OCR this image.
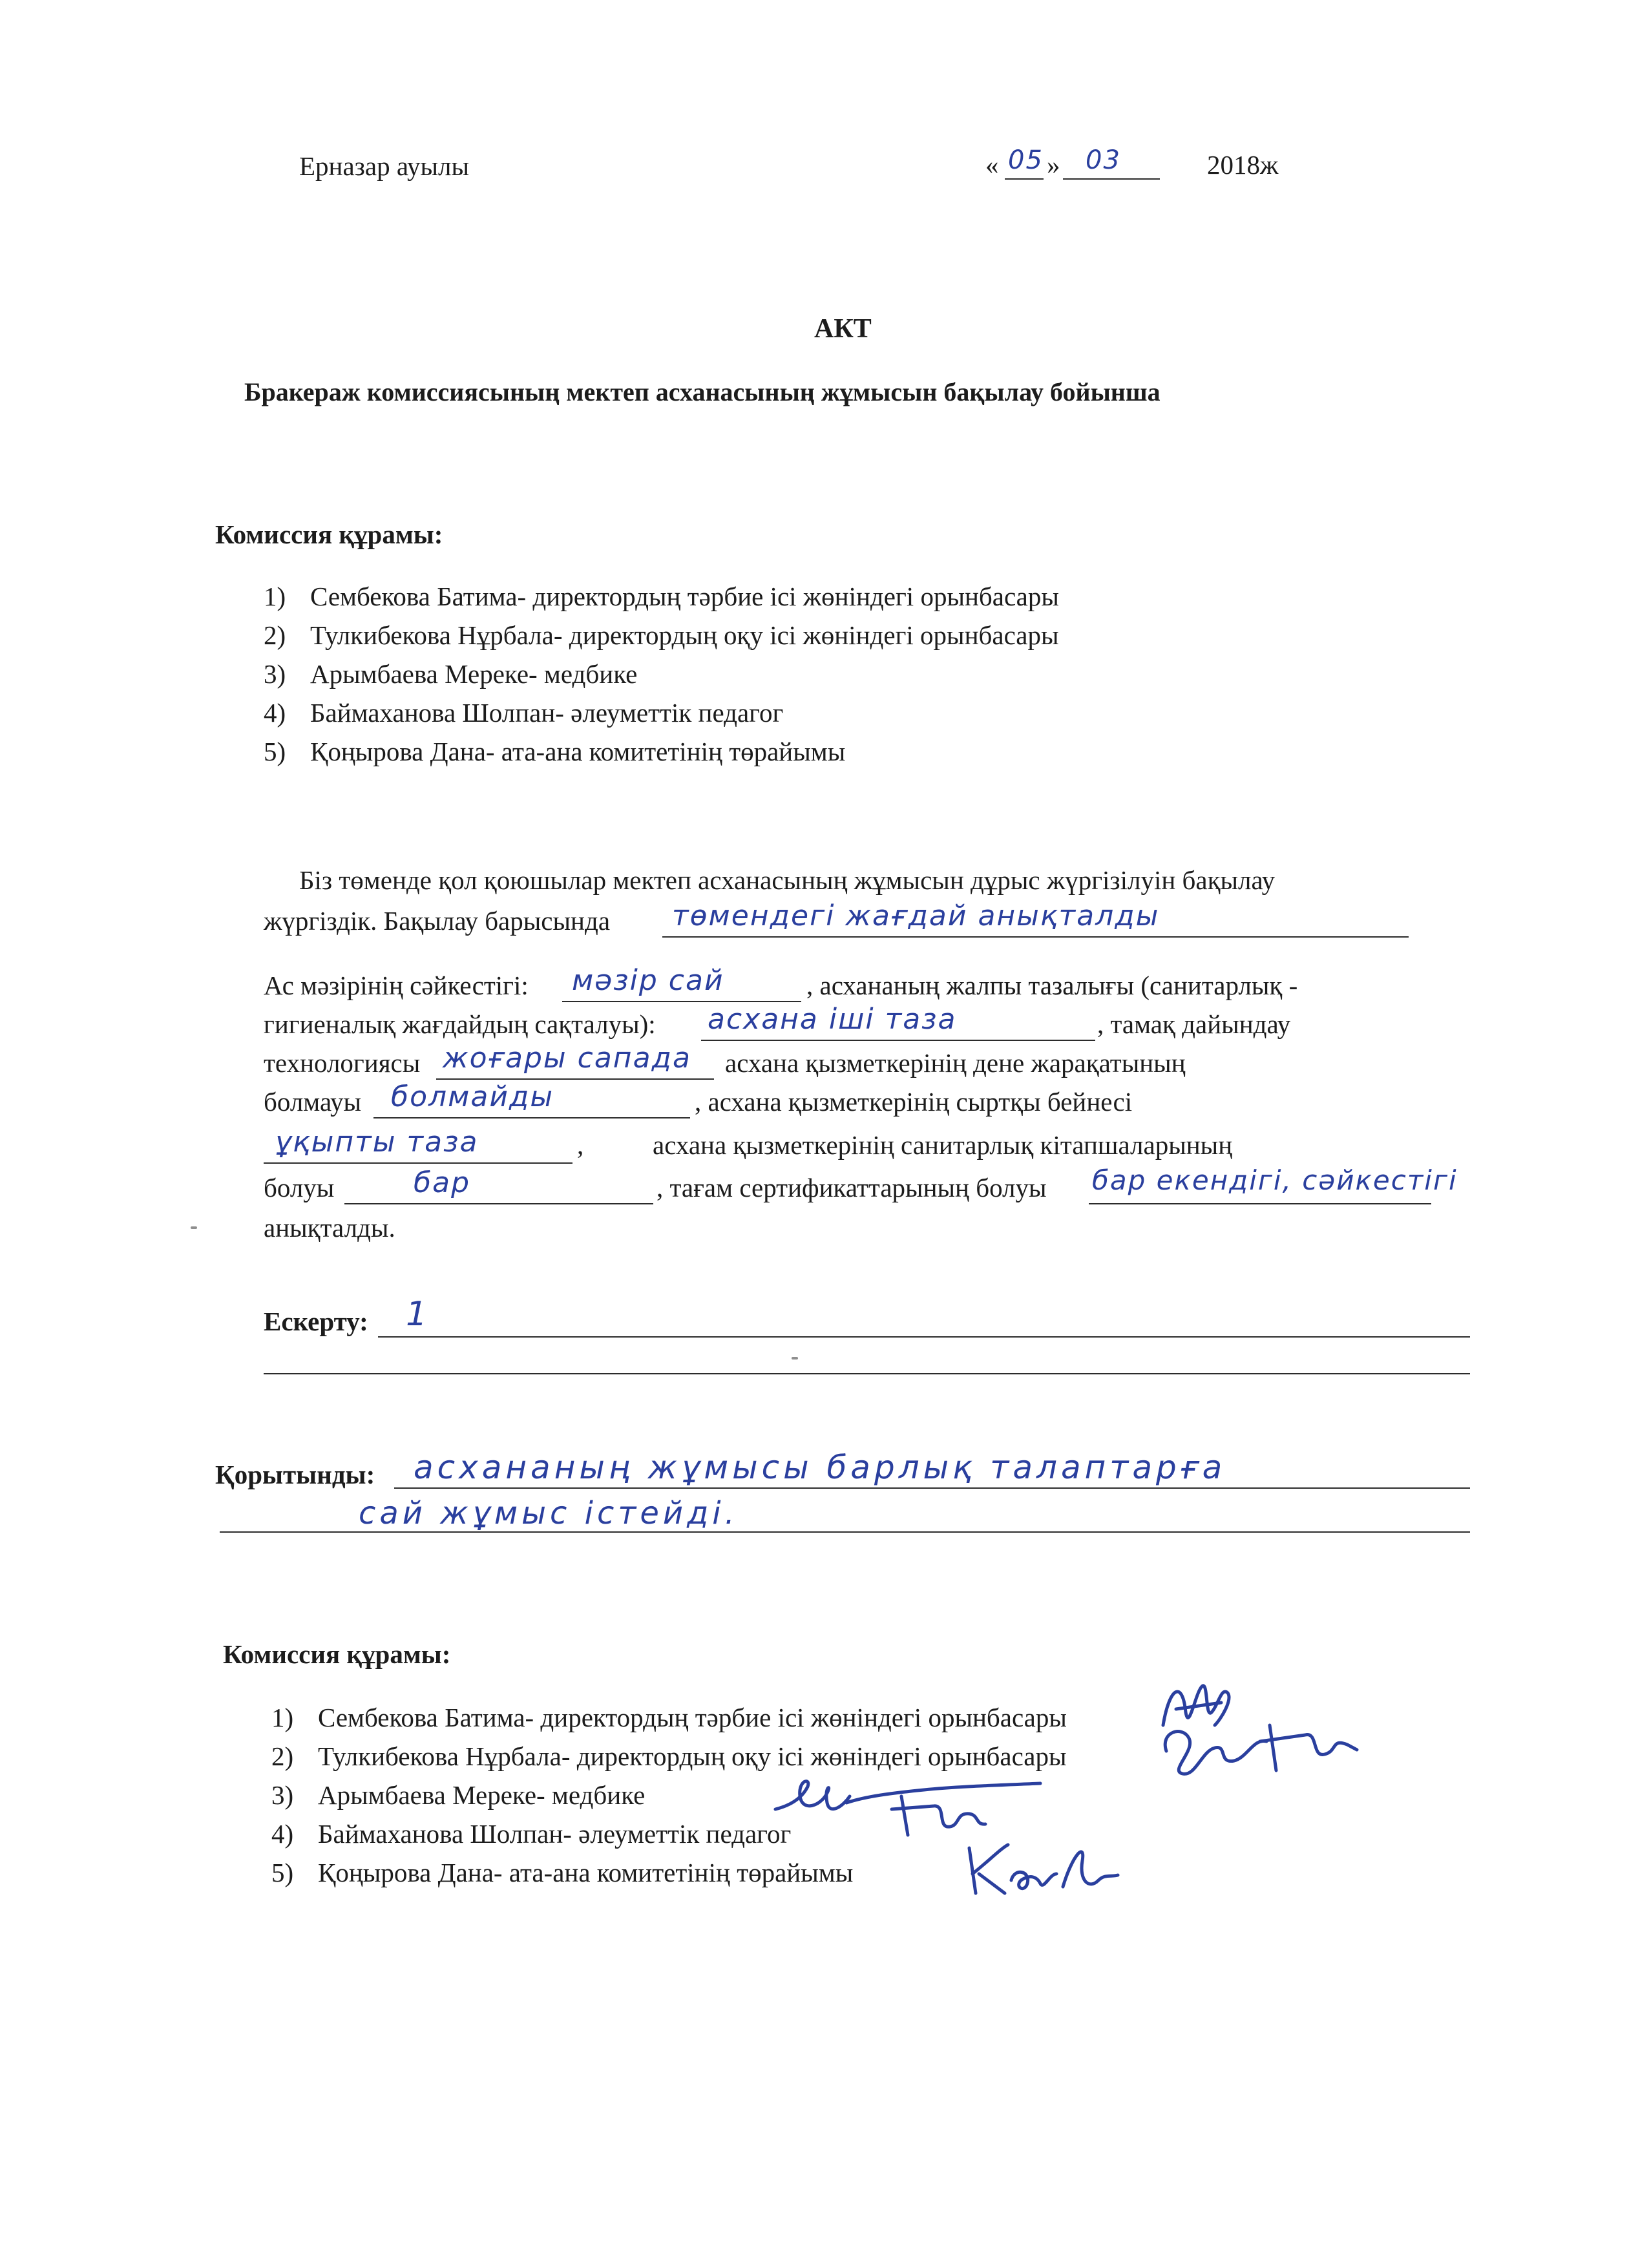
Ерназар ауылы	« 05 » 03	2018ж
АКТ
Бракераж комиссиясының мектеп асханасының жұмысын бақылау бойынша
Комиссия құрамы:
1) Сембекова Батима- директордың тәрбие ісі жөніндегі орынбасары
2) Тулкибекова Нұрбала- директордың оқу ісі жөніндегі орынбасары
3) Арымбаева Мереке- медбике
4) Баймаханова Шолпан- әлеуметтік педагог
5) Қоңырова Дана- ата-ана комитетінің төрайымы
Біз төменде қол қоюшылар мектеп асханасының жұмысын дұрыс жүргізілуін бақылау
жүргіздік. Бақылау барысында төмендегі жағдай анықталды
Ас мәзірінің сәйкестігі: мәзір сай	, асхананың жалпы тазалығы (санитарлық -
гигиеналық жағдайдың сақталуы): асхана іші таза	, тамақ дайындау
технологиясы жоғары сапада асхана қызметкерінің дене жарақатының
болмауы болмайды	, асхана қызметкерінің сыртқы бейнесі
ұқыпты таза	,	асхана қызметкерінің санитарлық кітапшаларының
болуы	бар	, тағам сертификаттарының болуы бар екендігі, сәйкестігі
анықталды.
Ескерту: 1
Қорытынды: асхананың жұмысы барлық талаптарға
сай жұмыс істейді.
Комиссия құрамы:
1) Сембекова Батима- директордың тәрбие ісі жөніндегі орынбасары
2) Тулкибекова Нұрбала- директордың оқу ісі жөніндегі орынбасары
3) Арымбаева Мереке- медбике
4) Баймаханова Шолпан- әлеуметтік педагог
5) Қоңырова Дана- ата-ана комитетінің төрайымы
